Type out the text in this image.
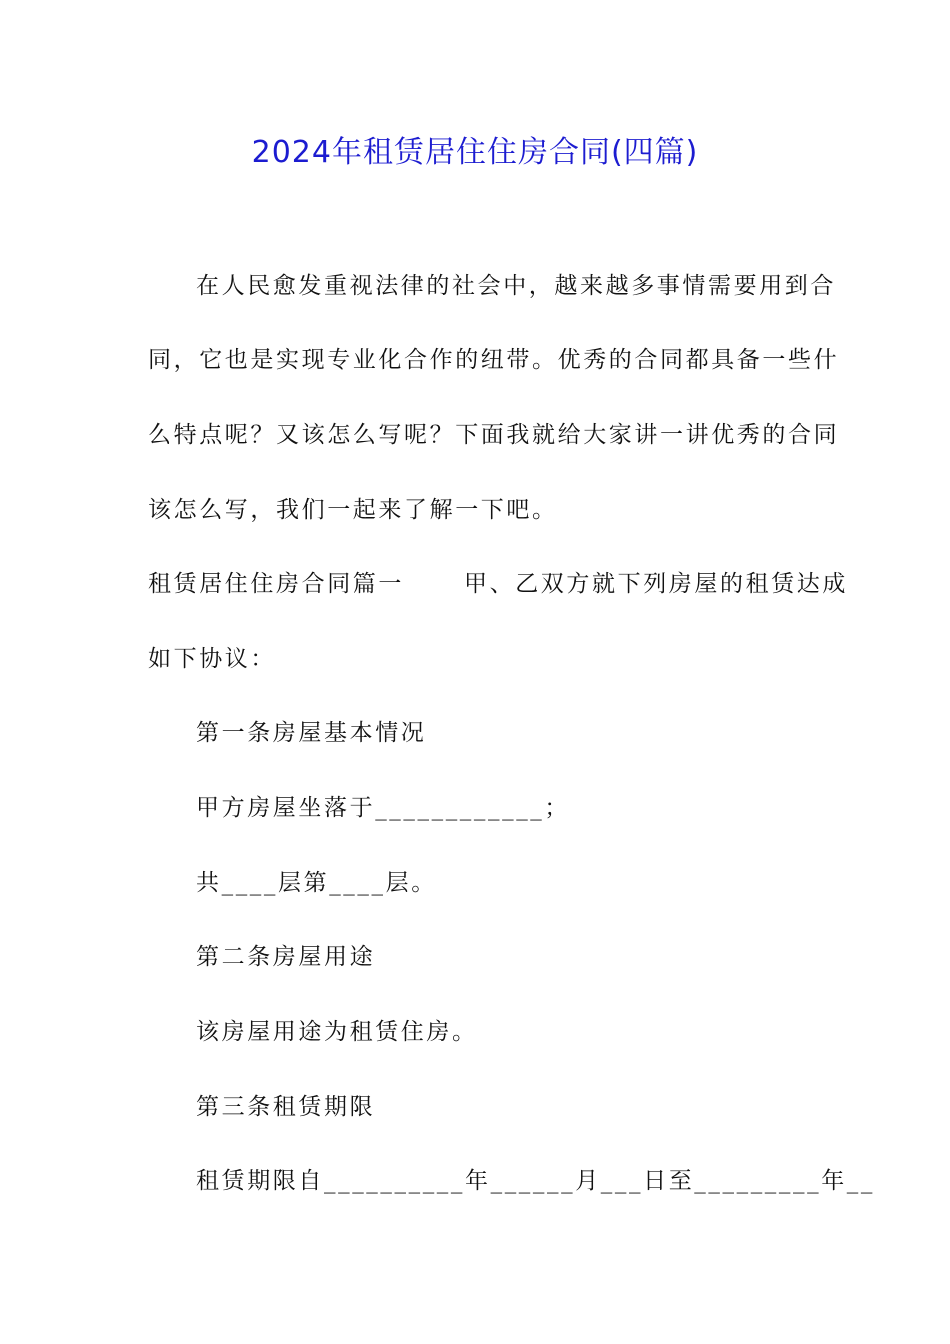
2024年租赁居住住房合同(四篇)

在人民愈发重视法律的社会中，越来越多事情需要用到合

同，它也是实现专业化合作的纽带。优秀的合同都具备一些什

么特点呢？又该怎么写呢？下面我就给大家讲一讲优秀的合同

该怎么写，我们一起来了解一下吧。

租赁居住住房合同篇一	甲、乙双方就下列房屋的租赁达成

如下协议：

第一条房屋基本情况

甲方房屋坐落于____________；

共____层第____层。

第二条房屋用途

该房屋用途为租赁住房。

第三条租赁期限

租赁期限自__________年______月___日至_________年__
